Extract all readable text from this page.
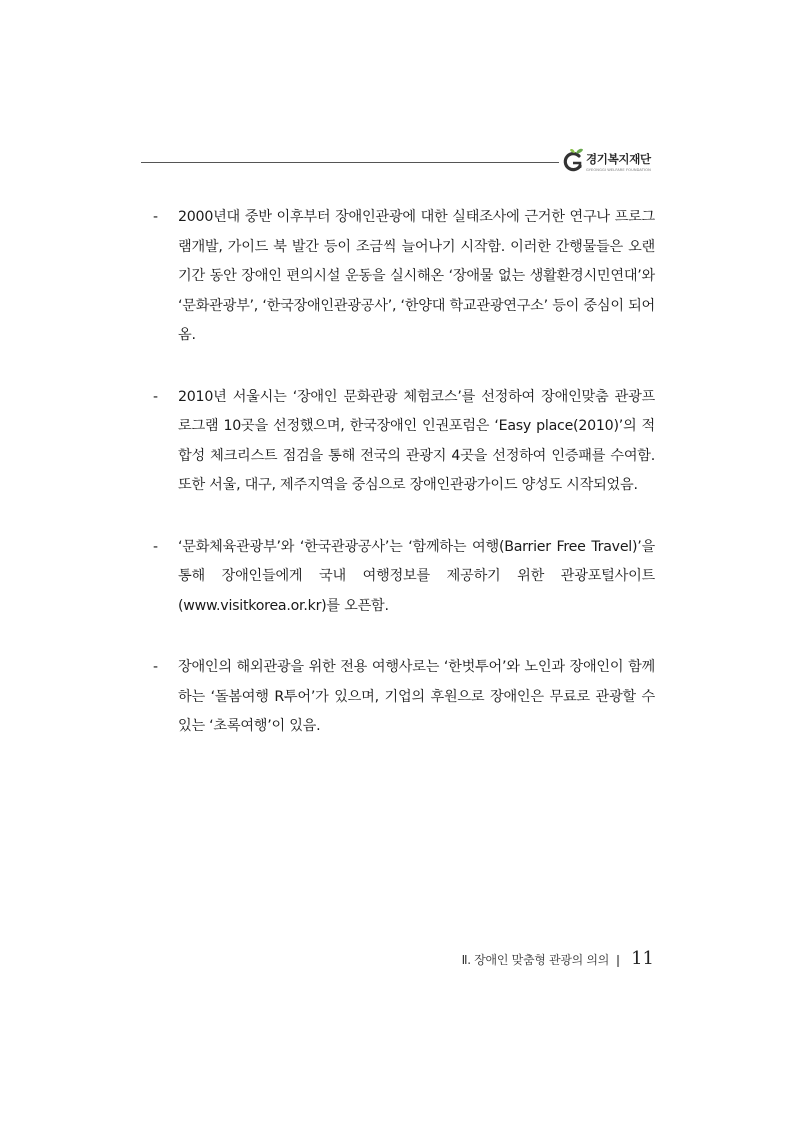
경기복지재단
GYEONGGI WELFARE FOUNDATION
- 2000년대 중반 이후부터 장애인관광에 대한 실태조사에 근거한 연구나 프로그램개발, 가이드 북 발간 등이 조금씩 늘어나기 시작함. 이러한 간행물들은 오랜 기간 동안 장애인 편의시설 운동을 실시해온 ‘장애물 없는 생활환경시민연대’와 ‘문화관광부’, ‘한국장애인관광공사’, ‘한양대 학교관광연구소’ 등이 중심이 되어 옴.
- 2010년 서울시는 ‘장애인 문화관광 체험코스’를 선정하여 장애인맞춤 관광프로그램 10곳을 선정했으며, 한국장애인 인권포럼은 ‘Easy place(2010)’의 적합성 체크리스트 점검을 통해 전국의 관광지 4곳을 선정하여 인증패를 수여함. 또한 서울, 대구, 제주지역을 중심으로 장애인관광가이드 양성도 시작되었음.
- ‘문화체육관광부’와 ‘한국관광공사’는 ‘함께하는 여행(Barrier Free Travel)’을 통해 장애인들에게 국내 여행정보를 제공하기 위한 관광포털사이트(www.visitkorea.or.kr)를 오픈함.
- 장애인의 해외관광을 위한 전용 여행사로는 ‘한벗투어’와 노인과 장애인이 함께 하는 ‘돌봄여행 R투어’가 있으며, 기업의 후원으로 장애인은 무료로 관광할 수 있는 ‘초록여행’이 있음.
Ⅱ. 장애인 맞춤형 관광의 의의 ❙ 11
